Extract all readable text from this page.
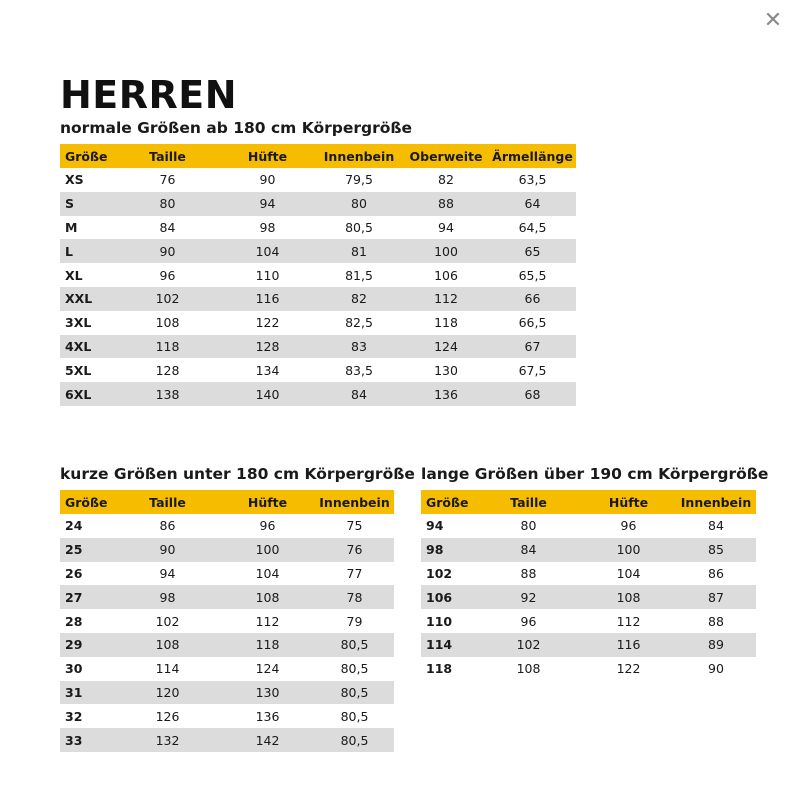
✕
HERREN
normale Größen ab 180 cm Körpergröße
Größe	Taille	Hüfte	Innenbein	Oberweite	Ärmellänge
XS	76	90	79,5	82	63,5
S	80	94	80	88	64
M	84	98	80,5	94	64,5
L	90	104	81	100	65
XL	96	110	81,5	106	65,5
XXL	102	116	82	112	66
3XL	108	122	82,5	118	66,5
4XL	118	128	83	124	67
5XL	128	134	83,5	130	67,5
6XL	138	140	84	136	68
kurze Größen unter 180 cm Körpergröße
Größe	Taille	Hüfte	Innenbein
24	86	96	75
25	90	100	76
26	94	104	77
27	98	108	78
28	102	112	79
29	108	118	80,5
30	114	124	80,5
31	120	130	80,5
32	126	136	80,5
33	132	142	80,5
lange Größen über 190 cm Körpergröße
Größe	Taille	Hüfte	Innenbein
94	80	96	84
98	84	100	85
102	88	104	86
106	92	108	87
110	96	112	88
114	102	116	89
118	108	122	90
